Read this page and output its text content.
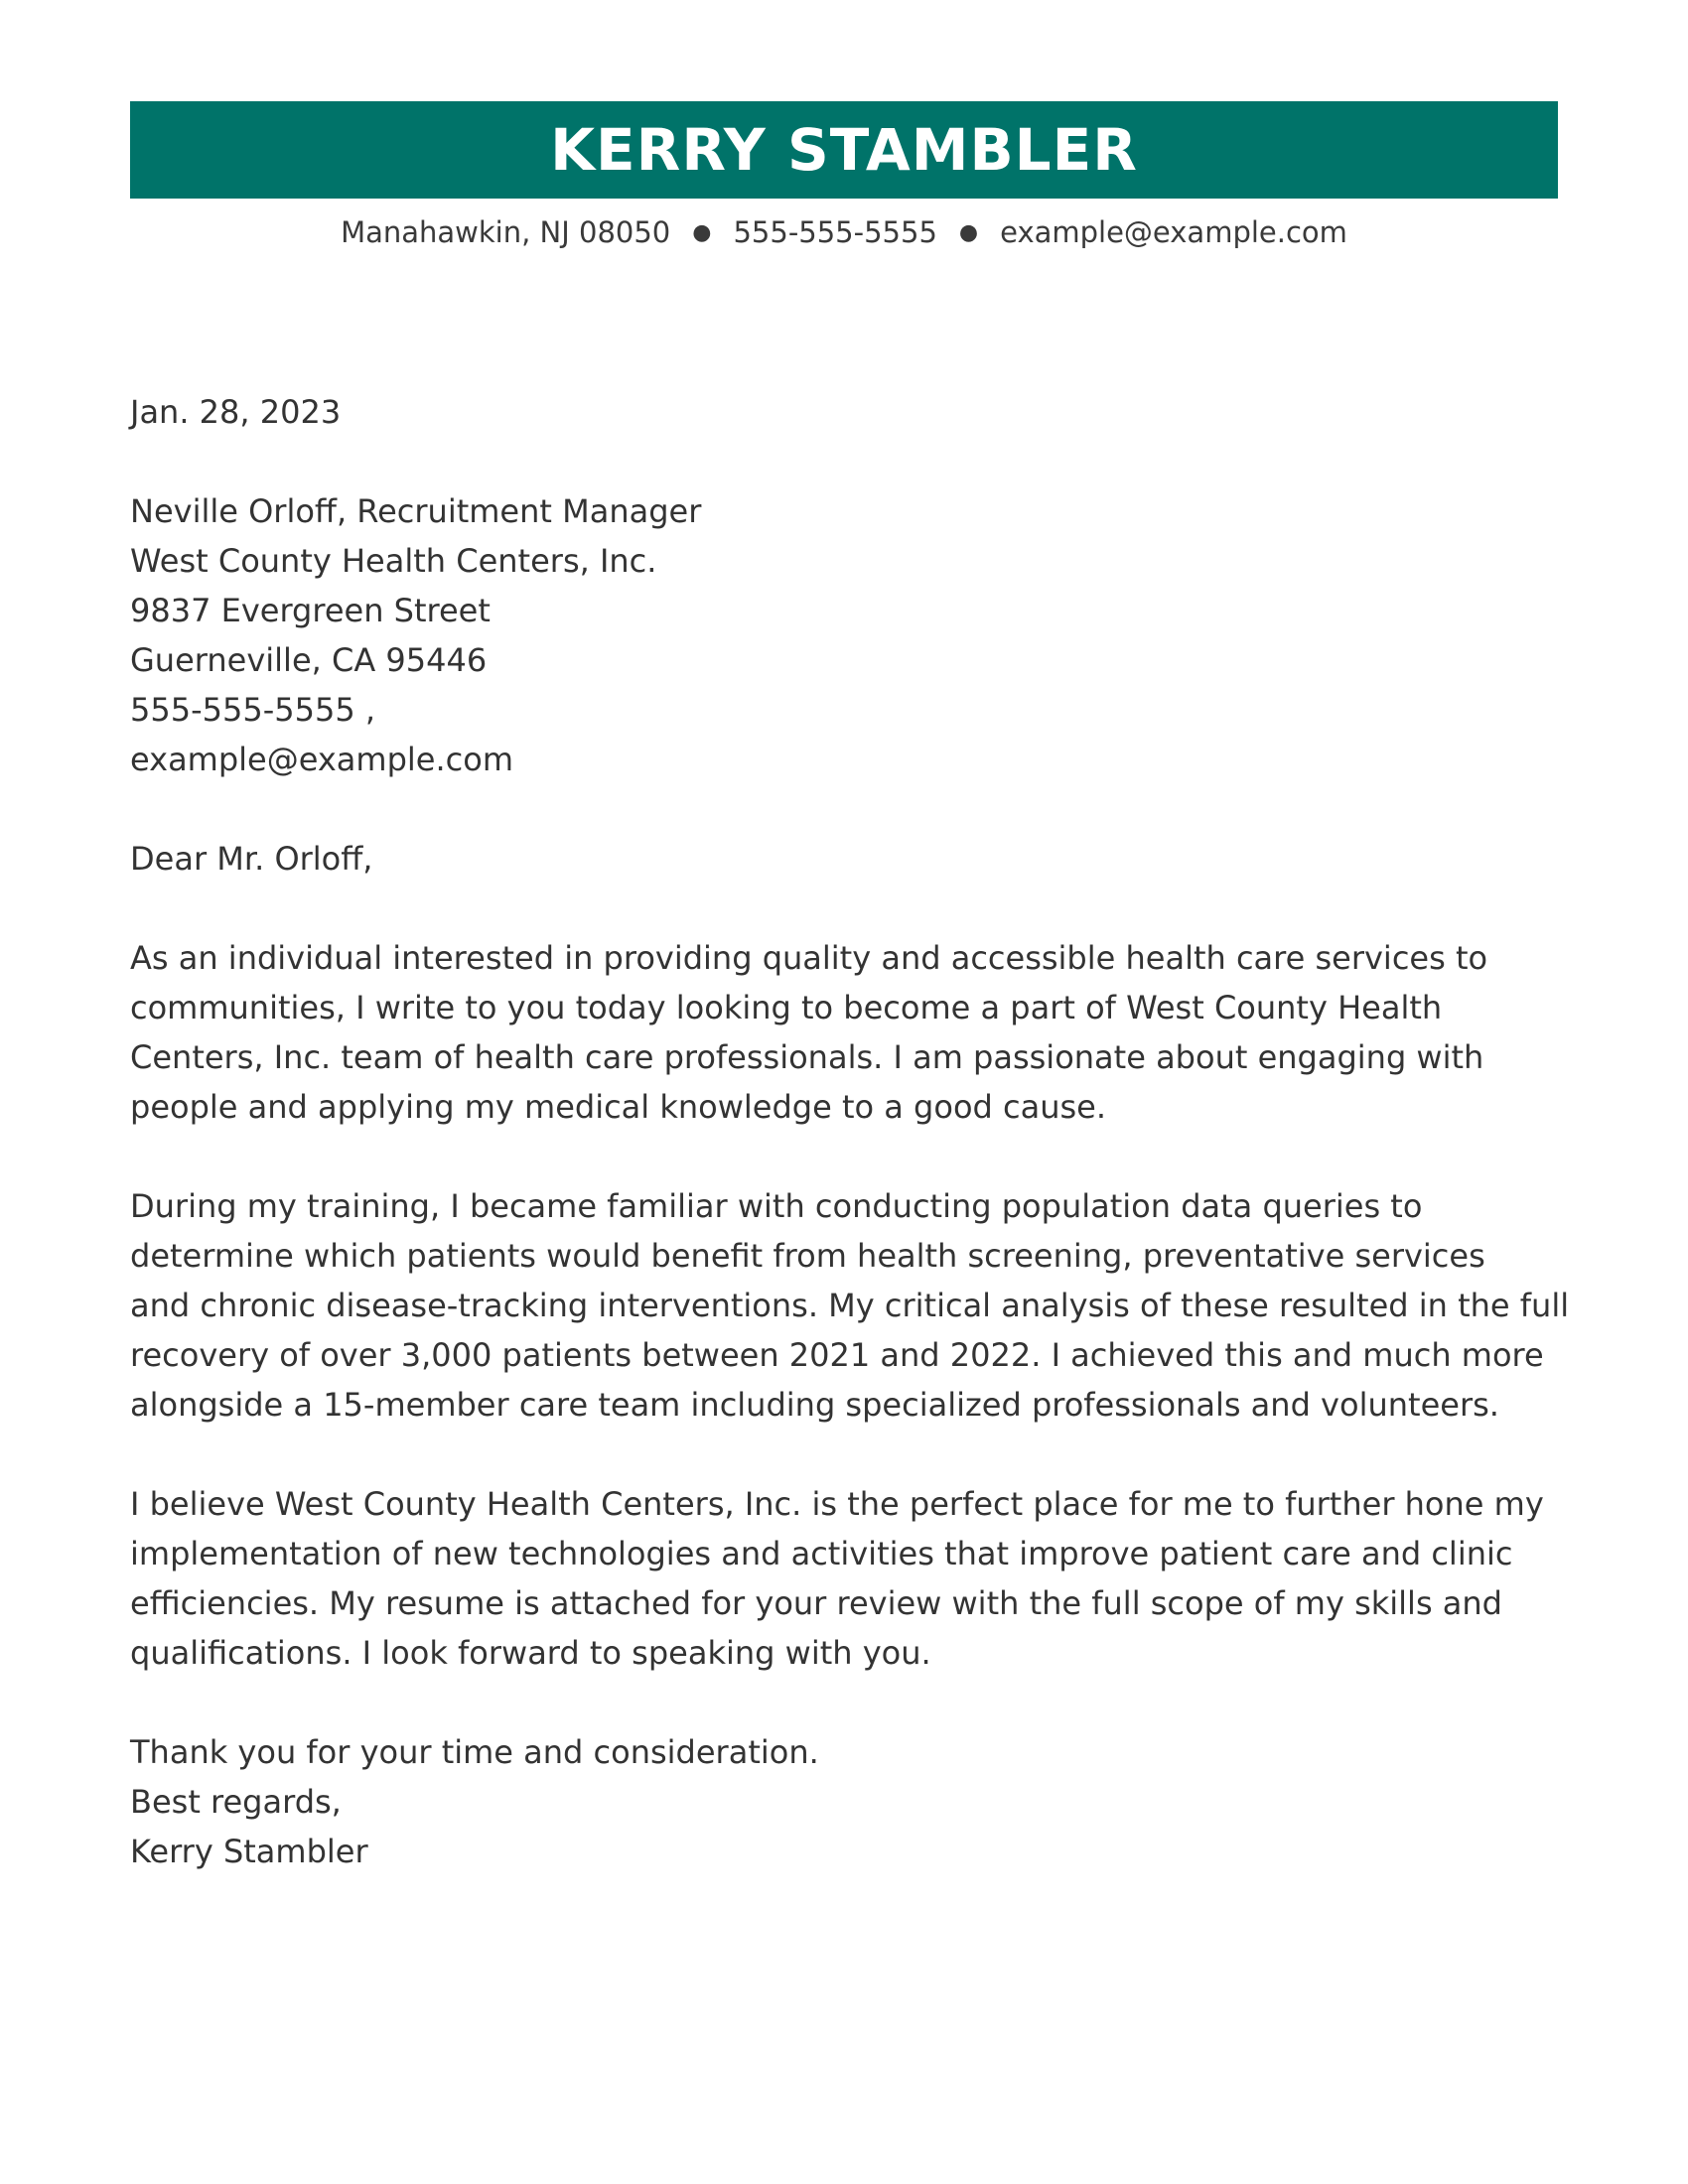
KERRY STAMBLER
Manahawkin, NJ 08050 ● 555-555-5555 ● example@example.com
Jan. 28, 2023
Neville Orloff, Recruitment Manager
West County Health Centers, Inc.
9837 Evergreen Street
Guerneville, CA 95446
555-555-5555 ,
example@example.com
Dear Mr. Orloff,
As an individual interested in providing quality and accessible health care services to
communities, I write to you today looking to become a part of West County Health
Centers, Inc. team of health care professionals. I am passionate about engaging with
people and applying my medical knowledge to a good cause.
During my training, I became familiar with conducting population data queries to
determine which patients would benefit from health screening, preventative services
and chronic disease-tracking interventions. My critical analysis of these resulted in the full
recovery of over 3,000 patients between 2021 and 2022. I achieved this and much more
alongside a 15-member care team including specialized professionals and volunteers.
I believe West County Health Centers, Inc. is the perfect place for me to further hone my
implementation of new technologies and activities that improve patient care and clinic
efficiencies. My resume is attached for your review with the full scope of my skills and
qualifications. I look forward to speaking with you.
Thank you for your time and consideration.
Best regards,
Kerry Stambler
